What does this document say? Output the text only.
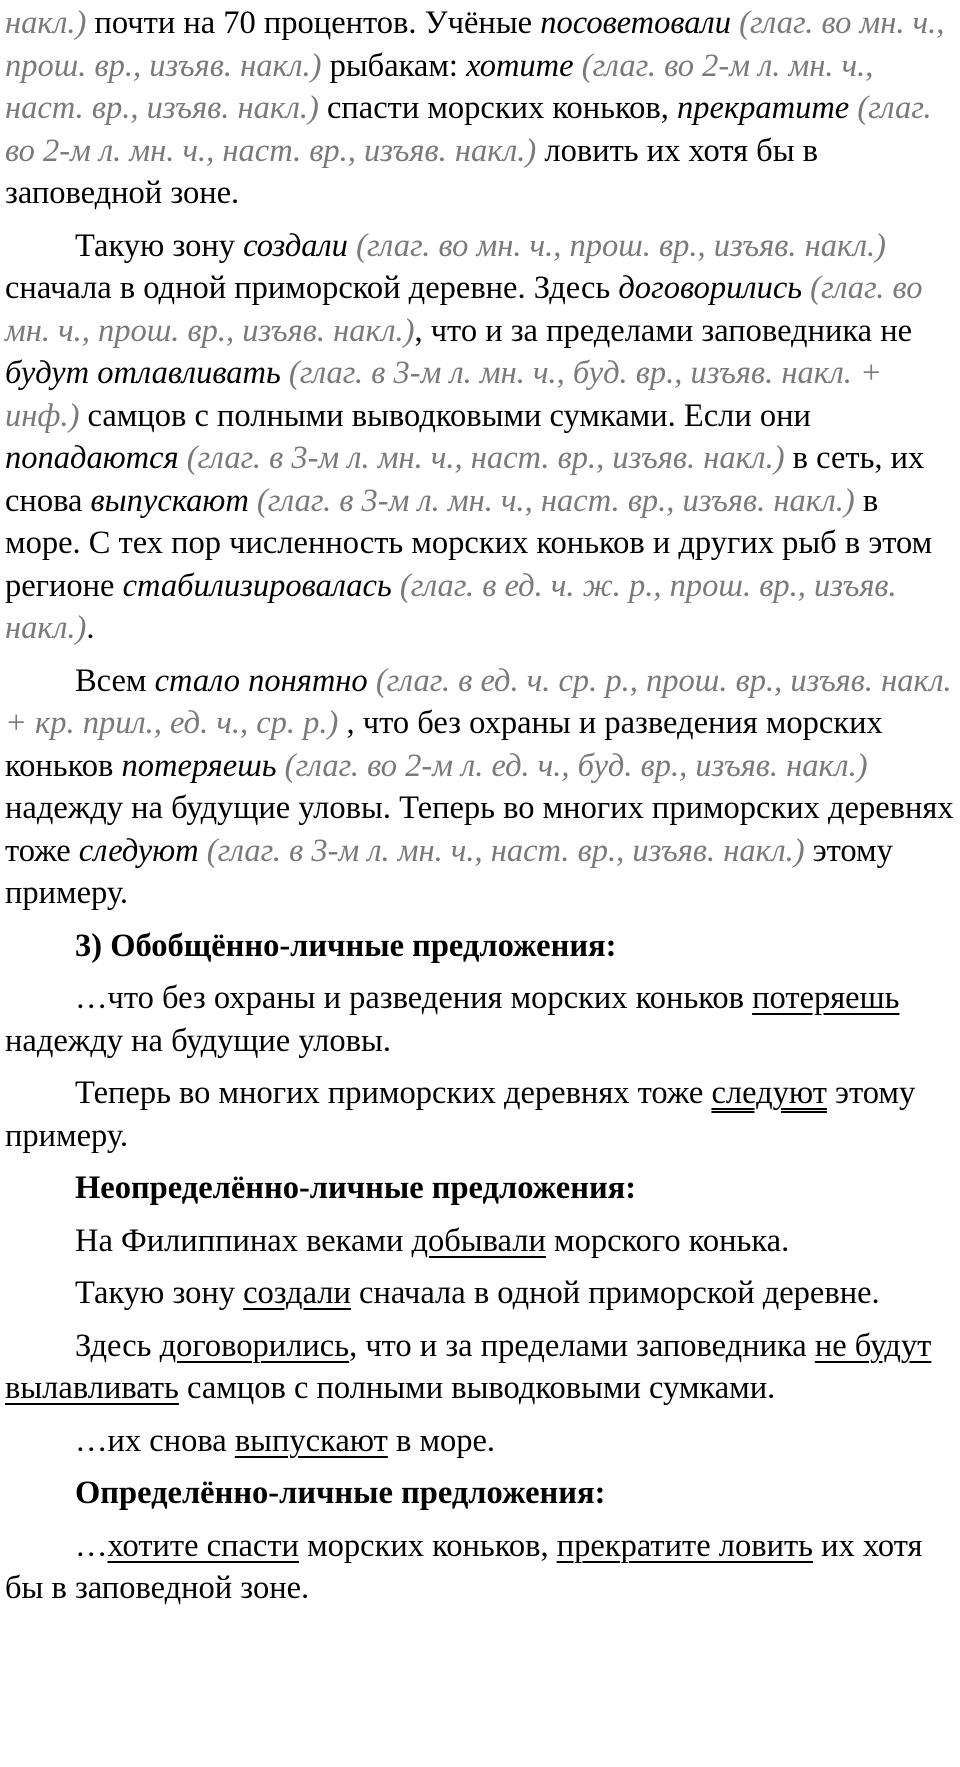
накл.) почти на 70 процентов. Учёные посоветовали (глаг. во мн. ч., прош. вр., изъяв. накл.) рыбакам: хотите (глаг. во 2-м л. мн. ч., наст. вр., изъяв. накл.) спасти морских коньков, прекратите (глаг. во 2-м л. мн. ч., наст. вр., изъяв. накл.) ловить их хотя бы в заповедной зоне.

Такую зону создали (глаг. во мн. ч., прош. вр., изъяв. накл.) сначала в одной приморской деревне. Здесь договорились (глаг. во мн. ч., прош. вр., изъяв. накл.), что и за пределами заповедника не будут отлавливать (глаг. в 3-м л. мн. ч., буд. вр., изъяв. накл. + инф.) самцов с полными выводковыми сумками. Если они попадаются (глаг. в 3-м л. мн. ч., наст. вр., изъяв. накл.) в сеть, их снова выпускают (глаг. в 3-м л. мн. ч., наст. вр., изъяв. накл.) в море. С тех пор численность морских коньков и других рыб в этом регионе стабилизировалась (глаг. в ед. ч. ж. р., прош. вр., изъяв. накл.).

Всем стало понятно (глаг. в ед. ч. ср. р., прош. вр., изъяв. накл. + кр. прил., ед. ч., ср. р.) , что без охраны и разведения морских коньков потеряешь (глаг. во 2-м л. ед. ч., буд. вр., изъяв. накл.) надежду на будущие уловы. Теперь во многих приморских деревнях тоже следуют (глаг. в 3-м л. мн. ч., наст. вр., изъяв. накл.) этому примеру.

3) Обобщённо-личные предложения:

…что без охраны и разведения морских коньков потеряешь надежду на будущие уловы.

Теперь во многих приморских деревнях тоже следуют этому примеру.

Неопределённо-личные предложения:

На Филиппинах веками добывали морского конька.

Такую зону создали сначала в одной приморской деревне.

Здесь договорились, что и за пределами заповедника не будут вылавливать самцов с полными выводковыми сумками.

…их снова выпускают в море.

Определённо-личные предложения:

…хотите спасти морских коньков, прекратите ловить их хотя бы в заповедной зоне.
